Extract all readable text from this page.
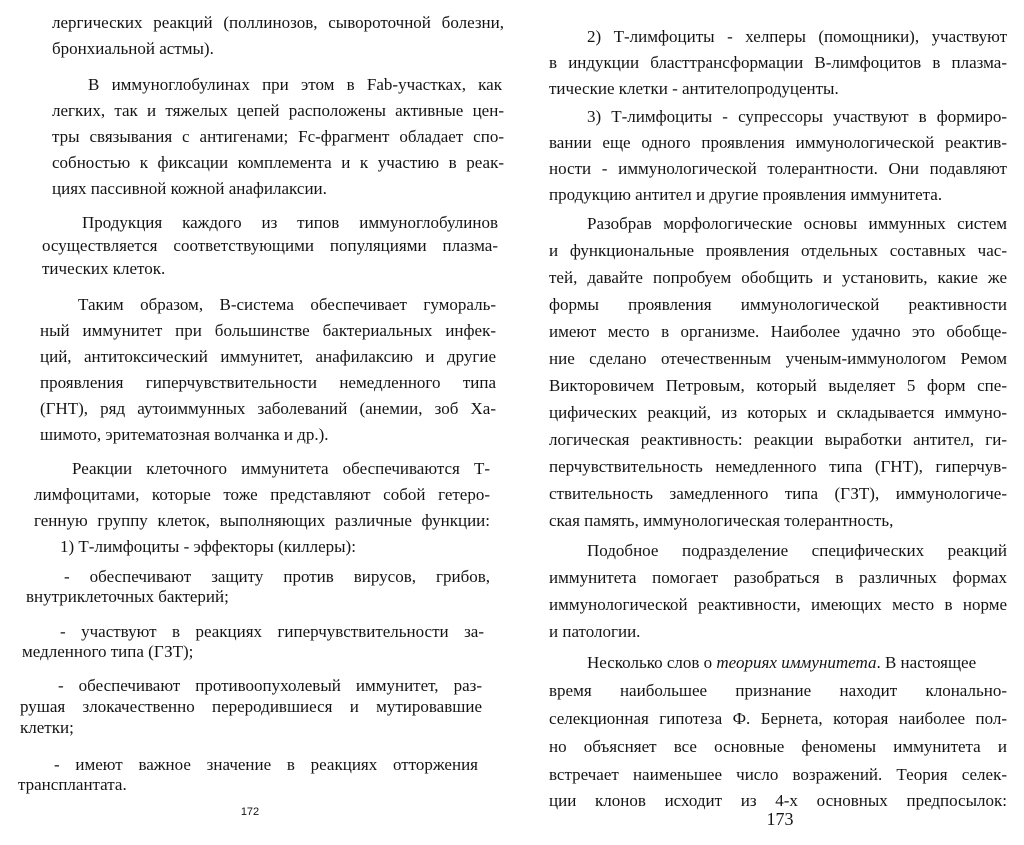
лергических реакций (поллинозов, сывороточной болезни,

бронхиальной астмы).

В иммуноглобулинах при этом в Fab-участках, как

легких, так и тяжелых цепей расположены активные цен-

тры связывания с антигенами; Fc-фрагмент обладает спо-

собностью к фиксации комплемента и к участию в реак-

циях пассивной кожной анафилаксии.

Продукция каждого из типов иммуноглобулинов

осуществляется соответствующими популяциями плазма-

тических клеток.

Таким образом, В-система обеспечивает гумораль-

ный иммунитет при большинстве бактериальных инфек-

ций, антитоксический иммунитет, анафилаксию и другие

проявления гиперчувствительности немедленного типа

(ГНТ), ряд аутоиммунных заболеваний (анемии, зоб Ха-

шимото, эритематозная волчанка и др.).

Реакции клеточного иммунитета обеспечиваются Т-

лимфоцитами, которые тоже представляют собой гетеро-

генную группу клеток, выполняющих различные функции:

1) Т-лимфоциты - эффекторы (киллеры):

- обеспечивают защиту против вирусов, грибов,

внутриклеточных бактерий;

- участвуют в реакциях гиперчувствительности за-

медленного типа (ГЗТ);

- обеспечивают противоопухолевый иммунитет, раз-

рушая злокачественно переродившиеся и мутировавшие

клетки;

- имеют важное значение в реакциях отторжения

трансплантата.

172

2) Т-лимфоциты - хелперы (помощники), участвуют

в индукции бласттрансформации В-лимфоцитов в плазма-

тические клетки - антителопродуценты.

3) Т-лимфоциты - супрессоры участвуют в формиро-

вании еще одного проявления иммунологической реактив-

ности - иммунологической толерантности. Они подавляют

продукцию антител и другие проявления иммунитета.

Разобрав морфологические основы иммунных систем

и функциональные проявления отдельных составных час-

тей, давайте попробуем обобщить и установить, какие же

формы проявления иммунологической реактивности

имеют место в организме. Наиболее удачно это обобще-

ние сделано отечественным ученым-иммунологом Ремом

Викторовичем Петровым, который выделяет 5 форм спе-

цифических реакций, из которых и складывается иммуно-

логическая реактивность: реакции выработки антител, ги-

перчувствительность немедленного типа (ГНТ), гиперчув-

ствительность замедленного типа (ГЗТ), иммунологиче-

ская память, иммунологическая толерантность,

Подобное подразделение специфических реакций

иммунитета помогает разобраться в различных формах

иммунологической реактивности, имеющих место в норме

и патологии.

Несколько слов о теориях иммунитета . В настоящее

время наибольшее признание находит клонально-

селекционная гипотеза Ф. Бернета, которая наиболее пол-

но объясняет все основные феномены иммунитета и

встречает наименьшее число возражений. Теория селек-

ции клонов исходит из 4-х основных предпосылок:

173
